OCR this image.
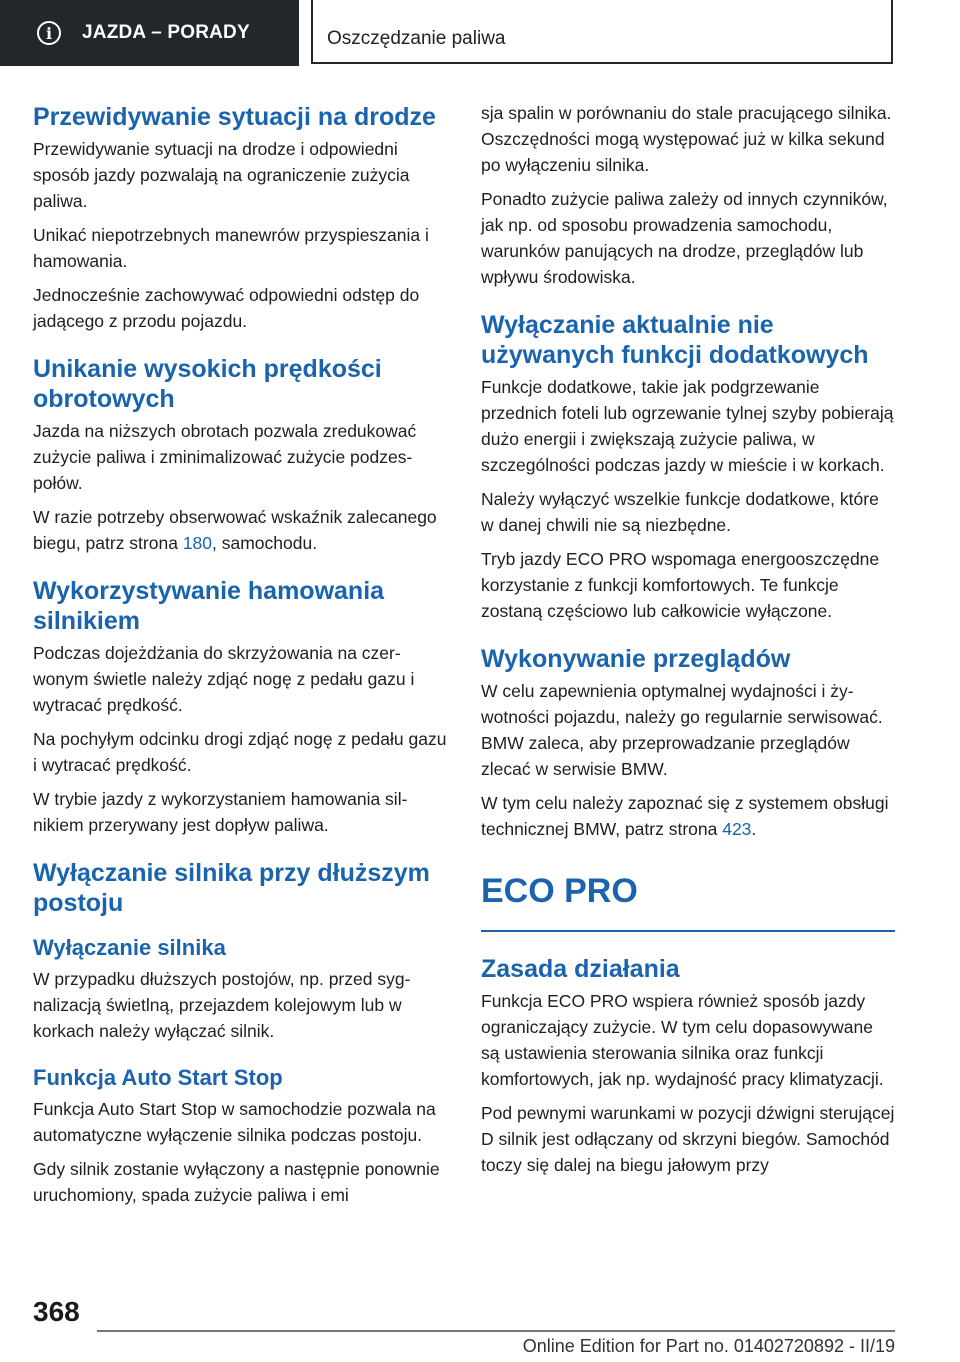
i	JAZDA – PORADY	Oszczędzanie paliwa
Przewidywanie sytuacji na drodze

Przewidywanie sytuacji na drodze i odpowiedni sposób jazdy pozwalają na ograniczenie zużycia paliwa.

Unikać niepotrzebnych manewrów przyspieszania i hamowania.

Jednocześnie zachowywać odpowiedni odstęp do jadącego z przodu pojazdu.

Unikanie wysokich prędkości obrotowych

Jazda na niższych obrotach pozwala zredukować zużycie paliwa i zminimalizować zużycie podzespołów.

W razie potrzeby obserwować wskaźnik zalecanego biegu, patrz strona 180, samochodu.

Wykorzystywanie hamowania silnikiem

Podczas dojeżdżania do skrzyżowania na czerwonym świetle należy zdjąć nogę z pedału gazu i wytracać prędkość.

Na pochyłym odcinku drogi zdjąć nogę z pedału gazu i wytracać prędkość.

W trybie jazdy z wykorzystaniem hamowania silnikiem przerywany jest dopływ paliwa.

Wyłączanie silnika przy dłuższym postoju
Wyłączanie silnika

W przypadku dłuższych postojów, np. przed sygnalizacją świetlną, przejazdem kolejowym lub w korkach należy wyłączać silnik.

Funkcja Auto Start Stop

Funkcja Auto Start Stop w samochodzie pozwala na automatyczne wyłączenie silnika podczas postoju.

Gdy silnik zostanie wyłączony a następnie ponownie uruchomiony, spada zużycie paliwa i emi

sja spalin w porównaniu do stale pracującego silnika. Oszczędności mogą występować już w kilka sekund po wyłączeniu silnika.

Ponadto zużycie paliwa zależy od innych czynników, jak np. od sposobu prowadzenia samochodu, warunków panujących na drodze, przeglądów lub wpływu środowiska.

Wyłączanie aktualnie nie używanych funkcji dodatkowych

Funkcje dodatkowe, takie jak podgrzewanie przednich foteli lub ogrzewanie tylnej szyby pobierają dużo energii i zwiększają zużycie paliwa, w szczególności podczas jazdy w mieście i w korkach.

Należy wyłączyć wszelkie funkcje dodatkowe, które w danej chwili nie są niezbędne.

Tryb jazdy ECO PRO wspomaga energooszczędne korzystanie z funkcji komfortowych. Te funkcje zostaną częściowo lub całkowicie wyłączone.

Wykonywanie przeglądów

W celu zapewnienia optymalnej wydajności i żywotności pojazdu, należy go regularnie serwisować. BMW zaleca, aby przeprowadzanie przeglądów zlecać w serwisie BMW.

W tym celu należy zapoznać się z systemem obsługi technicznej BMW, patrz strona 423.

ECO PRO
Zasada działania

Funkcja ECO PRO wspiera również sposób jazdy ograniczający zużycie. W tym celu dopasowywane są ustawienia sterowania silnika oraz funkcji komfortowych, jak np. wydajność pracy klimatyzacji.

Pod pewnymi warunkami w pozycji dźwigni sterującej D silnik jest odłączany od skrzyni biegów. Samochód toczy się dalej na biegu jałowym przy

368
Online Edition for Part no. 01402720892 - II/19
